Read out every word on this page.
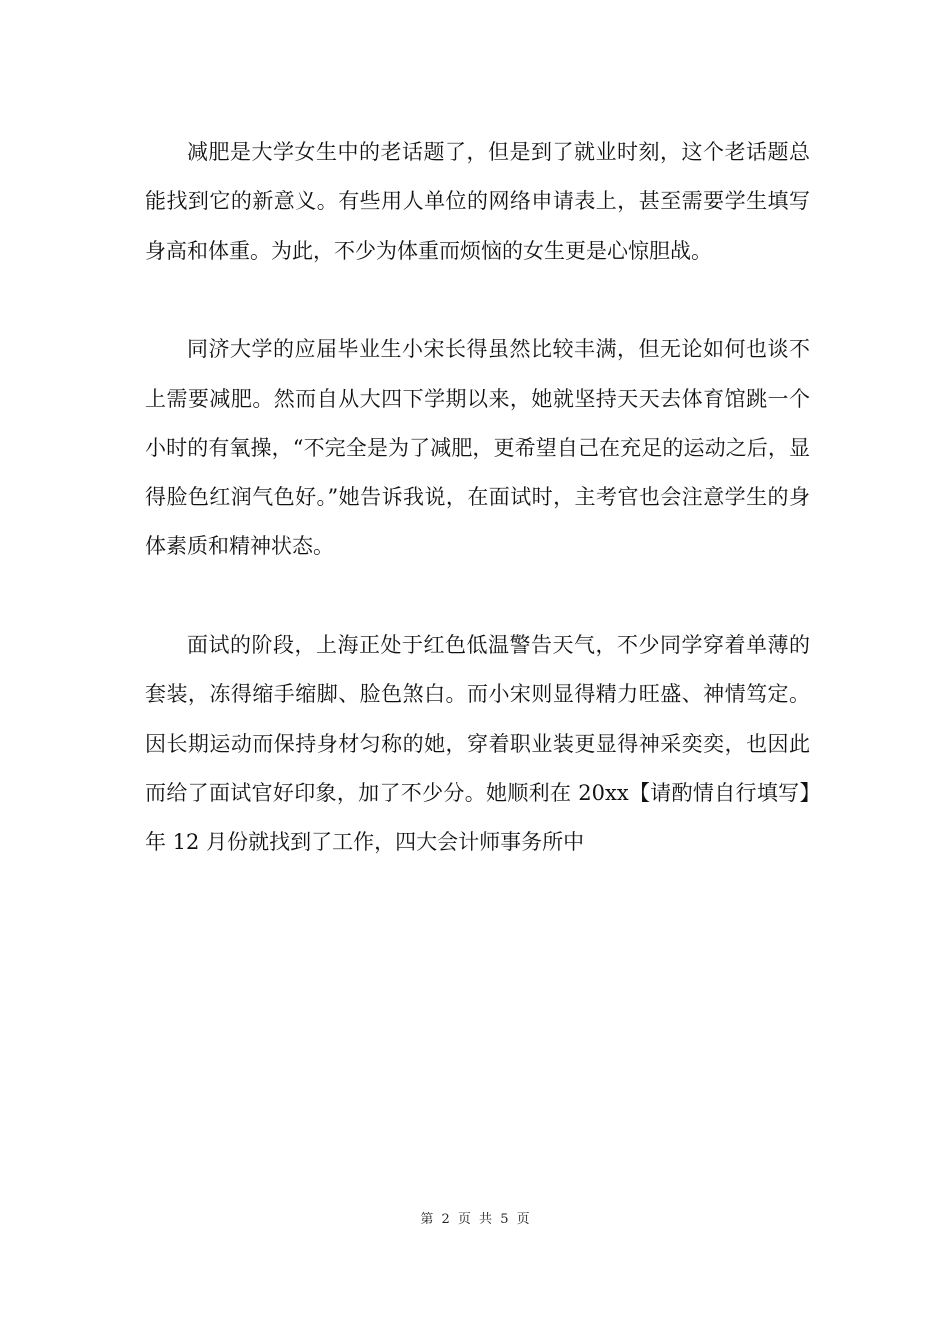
减肥是大学女生中的老话题了，但是到了就业时刻，这个老话题总能找到它的新意义。有些用人单位的网络申请表上，甚至需要学生填写身高和体重。为此，不少为体重而烦恼的女生更是心惊胆战。

同济大学的应届毕业生小宋长得虽然比较丰满，但无论如何也谈不上需要减肥。然而自从大四下学期以来，她就坚持天天去体育馆跳一个小时的有氧操，“不完全是为了减肥，更希望自己在充足的运动之后，显得脸色红润气色好。”她告诉我说，在面试时，主考官也会注意学生的身体素质和精神状态。

面试的阶段，上海正处于红色低温警告天气，不少同学穿着单薄的套装，冻得缩手缩脚、脸色煞白。而小宋则显得精力旺盛、神情笃定。因长期运动而保持身材匀称的她，穿着职业装更显得神采奕奕，也因此而给了面试官好印象，加了不少分。她顺利在 20xx【请酌情自行填写】年 12 月份就找到了工作，四大会计师事务所中

第 2 页 共 5 页
